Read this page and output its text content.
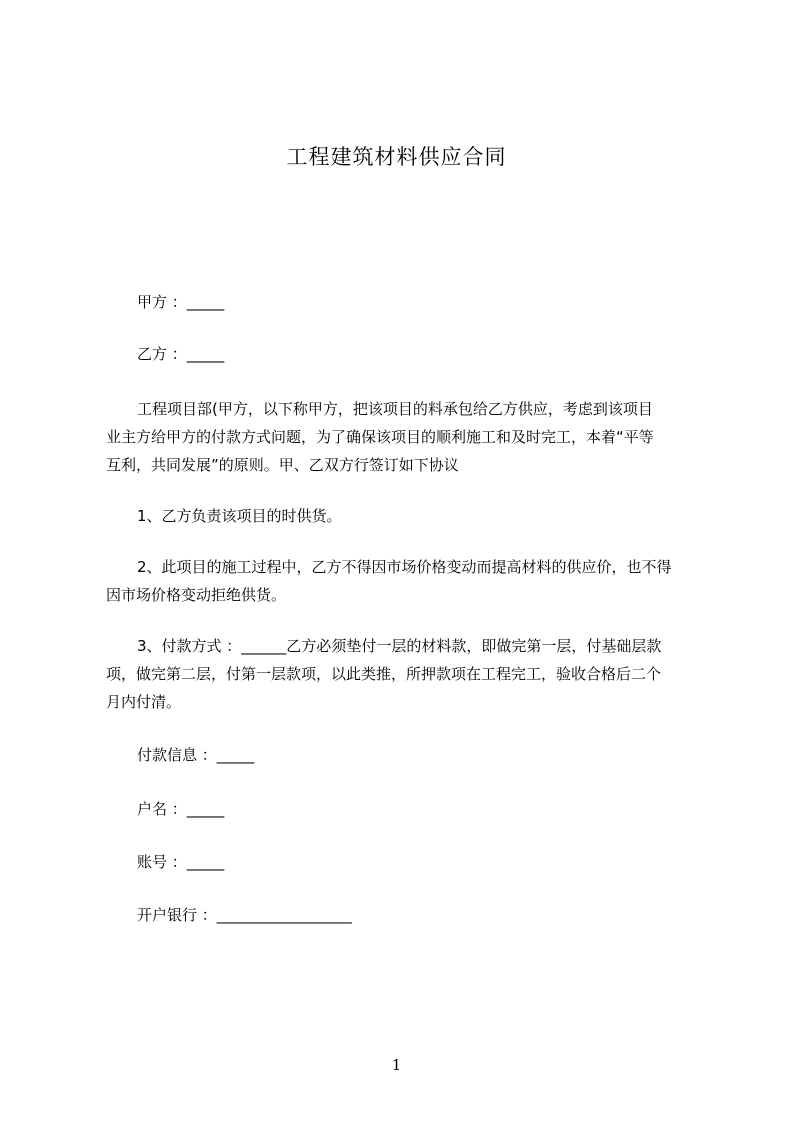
工程建筑材料供应合同
甲方 ：_____
乙方 ：_____
工程项目部(甲方，以下称甲方，把该项目的料承包给乙方供应，考虑到该项目
业主方给甲方的付款方式问题，为了确保该项目的顺利施工和及时完工，本着“平等
互利，共同发展”的原则。甲、乙双方行签订如下协议
1、乙方负责该项目的时供货。
2、此项目的施工过程中，乙方不得因市场价格变动而提高材料的供应价，也不得
因市场价格变动拒绝供货。
3、付款方式 ：______乙方必须垫付一层的材料款，即做完第一层，付基础层款
项，做完第二层，付第一层款项，以此类推，所押款项在工程完工，验收合格后二个
月内付清。
付款信息 ：_____
户名 ：_____
账号 ：_____
开户银行 ：__________________
1
